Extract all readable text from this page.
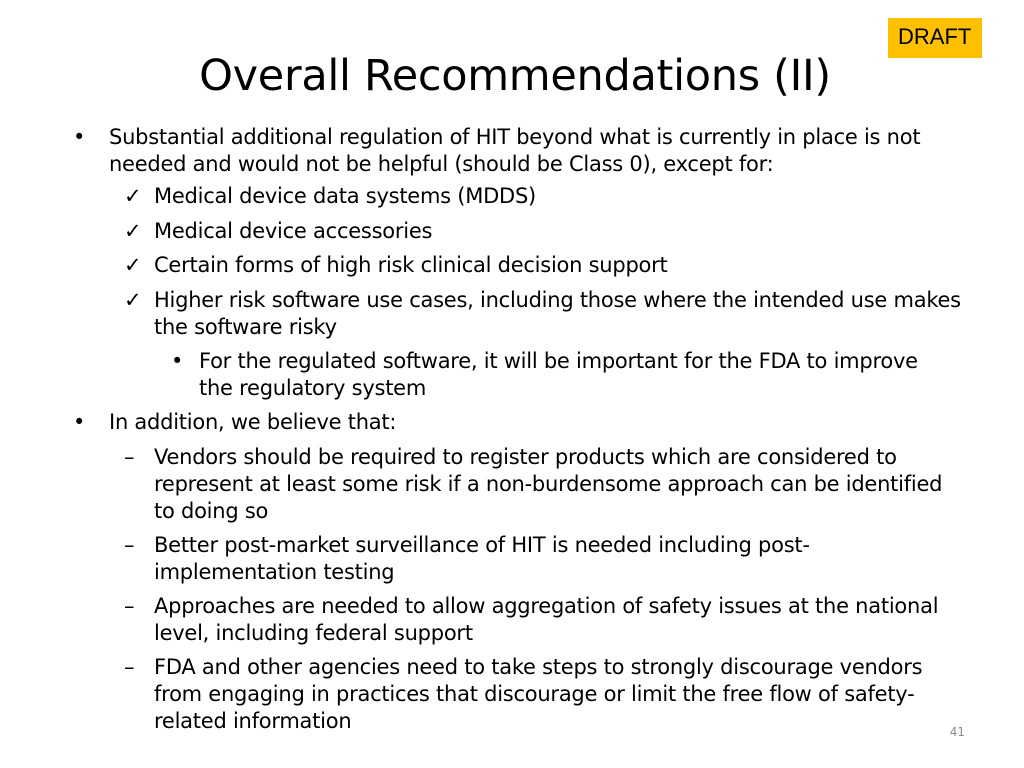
DRAFT
Overall Recommendations (II)
• Substantial additional regulation of HIT beyond what is currently in place is not needed and would not be helpful (should be Class 0), except for:
✓ Medical device data systems (MDDS)
✓ Medical device accessories
✓ Certain forms of high risk clinical decision support
✓ Higher risk software use cases, including those where the intended use makes the software risky
• For the regulated software, it will be important for the FDA to improve the regulatory system
• In addition, we believe that:
– Vendors should be required to register products which are considered to represent at least some risk if a non-burdensome approach can be identified to doing so
– Better post-market surveillance of HIT is needed including post-implementation testing
– Approaches are needed to allow aggregation of safety issues at the national level, including federal support
– FDA and other agencies need to take steps to strongly discourage vendors from engaging in practices that discourage or limit the free flow of safety-related information	41
